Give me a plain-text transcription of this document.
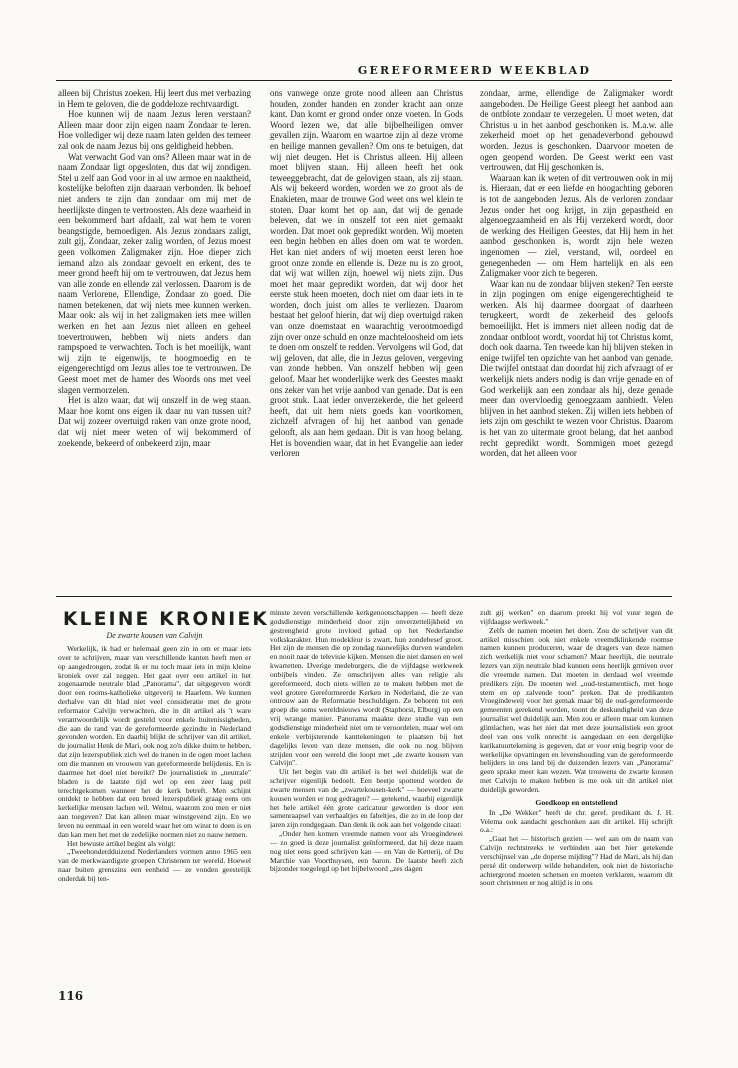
GEREFORMEERD WEEKBLAD

alleen bij Christus zoeken. Hij leert dus met verbazing in Hem te geloven, die de goddeloze rechtvaardigt.

Hoe kunnen wij de naam Jezus leren verstaan? Alleen maar door zijn eigen naam Zondaar te leren. Hoe vollediger wij deze naam laten gelden des temeer zal ook de naam Jezus bij ons geldigheid hebben.

Wat verwacht God van ons? Alleen maar wat in de naam Zondaar ligt opgesloten, dus dat wij zondigen. Stel u zelf aan God voor in al uw armoe en naaktheid, kostelijke beloften zijn daaraan verbonden. Ik behoef niet anders te zijn dan zondaar om mij met de heerlijkste dingen te vertroosten. Als deze waarheid in een bekommerd hart afdaalt, zal wat hem te voren beangstigde, bemoedigen. Als Jezus zondaars zaligt, zult gij, Zondaar, zeker zalig worden, of Jezus moest geen volkomen Zaligmaker zijn. Hoe dieper zich iemand alzo als zondaar gevoelt en erkent, des te meer grond heeft hij om te vertrouwen, dat Jezus hem van alle zonde en ellende zal verlossen. Daarom is de naam Verlorene, Ellendige, Zondaar zo goed. Die namen betekenen, dat wij niets mee kunnen werken. Maar ook: als wij in het zaligmaken iets mee willen werken en het aan Jezus niet alleen en geheel toevertrouwen, hebben wij niets anders dan rampspoed te verwachten. Toch is het moeilijk, want wij zijn te eigenwijs, te hoogmoedig en te eigengerechtigd om Jezus alles toe te vertrouwen. De Geest moet met de hamer des Woords ons met veel slagen vermorzelen.

Het is alzo waar, dat wij onszelf in de weg staan. Maar hoe komt ons eigen ik daar nu van tussen uit? Dat wij zozeer overtuigd raken van onze grote nood, dat wij niet meer weten of wij bekommerd of zoekende, bekeerd of onbekeerd zijn, maar

ons vanwege onze grote nood alleen aan Christus houden, zonder handen en zonder kracht aan onze kant. Dan komt er grond onder onze voeten. In Gods Woord lezen we, dat alle bijbelheiligen omver gevallen zijn. Waarom en waartoe zijn al deze vrome en heilige mannen gevallen? Om ons te betuigen, dat wij niet deugen. Het is Christus alleen. Hij alleen moet blijven staan. Hij alleen heeft het ook teweeggebracht, dat de gelovigen staan, als zij staan. Als wij bekeerd worden, worden we zo groot als de Enakieten, maar de trouwe God weet ons wel klein te stoten. Daar komt het op aan, dat wij de genade beleven, dat we in onszelf tot een niet gemaakt worden. Dat moet ook gepredikt worden. Wij moeten een begin hebben en alles doen om wat te worden. Het kan niet anders of wij moeten eerst leren hoe groot onze zonde en ellende is. Deze nu is zo groot, dat wij wat willen zijn, hoewel wij niets zijn. Dus moet het maar gepredikt worden, dat wij door het eerste stuk heen moeten, doch niet om daar iets in te worden, doch juist om alles te verliezen. Daarom bestaat het geloof hierin, dat wij diep overtuigd raken van onze doemstaat en waarachtig verootmoedigd zijn over onze schuld en onze machteloosheid om iets te doen om onszelf te redden. Vervolgens wil God, dat wij geloven, dat alle, die in Jezus geloven, vergeving van zonde hebben. Van onszelf hebben wij geen geloof. Maar het wonderlijke werk des Geestes maakt ons zeker van het vrije aanbod van genade. Dat is een groot stuk. Laat ieder onverzekerde, die het geleerd heeft, dat uit hem niets goeds kan voortkomen, zichzelf afvragen of hij het aanbod van genade gelooft, als aan hem gedaan. Dit is van hoog belang. Het is bovendien waar, dat in het Evangelie aan ieder verloren

zondaar, arme, ellendige de Zaligmaker wordt aangeboden. De Heilige Geest pleegt het aanbod aan de ontblote zondaar te verzegelen. U moet weten, dat Christus u in het aanbod geschonken is. M.a.w. alle zekerheid moet op het genadeverbond gebouwd worden. Jezus is geschonken. Daarvoor moeten de ogen geopend worden. De Geest werkt een vast vertrouwen, dat Hij geschonken is.

Waaraan kan ik weten of dit vertrouwen ook in mij is. Hieraan, dat er een liefde en hoogachting geboren is tot de aangeboden Jezus. Als de verloren zondaar Jezus onder het oog krijgt, in zijn gepastheid en algenoegzaamheid en als Hij verzekerd wordt, door de werking des Heiligen Geestes, dat Hij hem in het aanbod geschonken is, wordt zijn hele wezen ingenomen — ziel, verstand, wil, oordeel en genegenheden — om Hem hartelijk en als een Zaligmaker voor zich te begeren.

Waar kan nu de zondaar blijven steken? Ten eerste in zijn pogingen om enige eigengerechtigheid te werken. Als hij daarmee doorgaat of daarheen terugkeert, wordt de zekerheid des geloofs bemoeilijkt. Het is immers niet alleen nodig dat de zondaar ontbloot wordt, voordat hij tot Christus komt, doch ook daarna. Ten tweede kan hij blijven steken in enige twijfel ten opzichte van het aanbod van genade. Die twijfel ontstaat dan doordat hij zich afvraagt of er werkelijk niets anders nodig is dan vrije genade en of God werkelijk aan een zondaar als hij, deze genade meer dan overvloedig genoegzaam aanbiedt. Velen blijven in het aanbod steken. Zij willen iets hebben of iets zijn om geschikt te wezen voor Christus. Daarom is het van zo uitermate groot belang, dat het aanbod recht gepredikt wordt. Sommigen moet gezegd worden, dat het alleen voor

KLEINE KRONIEK
De zwarte kousen van Calvijn

Werkelijk, ik had er helemaal geen zin in om er maar iets over te schrijven, maar van verschillende kanten heeft men er op aangedrongen, zodat ik er nu toch maar iets in mijn kleine kroniek over zal zeggen. Het gaat over een artikel in het zogenaamde neutrale blad „Panorama", dat uitgegeven wordt door een rooms-katholieke uitgeverij te Haarlem. We kunnen derhalve van dit blad niet veel consideratie met de grote reformator Calvijn verwachten, die in dit artikel als 't ware verantwoordelijk wordt gesteld voor enkele buitenissigheden, die aan de rand van de gereformeerde gezindte in Nederland gevonden worden. En daarbij blijkt de schrijver van dit artikel, de journalist Henk de Mari, ook nog zo'n dikke duim te hebben, dat zijn lezerspubliek zich wel de tranen in de ogen moet lachen om die mannen en vrouwen van gereformeerde belijdenis. En is daarmee het doel niet bereikt? De journalistiek in „neutrale" bladen is de laatste tijd wel op een zeer laag peil terechtgekomen wanneer het de kerk betreft. Men schijnt ontdekt te hebben dat een breed lezerspubliek graag eens om kerkelijke mensen lachen wil. Welnu, waarom zou men er niet aan toegeven? Dat kan alleen maar winstgevend zijn. En we leven nu eenmaal in een wereld waar het om winst te doen is en dan kan men het met de zedelijke normen niet zo nauw nemen.

Het bewuste artikel begint als volgt:

„Tweehonderdduizend Nederlanders vormen anno 1965 een van de merkwaardigste groepen Christenen ter wereld. Hoewel naar buiten grenszins een eenheid — ze vonden geestelijk onderdak bij ten-

minste zeven verschillende kerkgenootschappen — heeft deze godsdienstige minderheid door zijn onverzettelijkheid en gestrengheid grote invloed gehad op het Nederlandse volkskarakter. Hun modekleur is zwart, hun zondebesef groot. Het zijn de mensen die op zondag nauwelijks durven wandelen en nooit naar de televisie kijken. Mensen die niet dansen en wel kwartetten. IJverige medeburgers, die de vijfdagse werkweek onbijbels vinden. Ze omschrijven alles van religie als gereformeerd, doch niets willen ze te maken hebben met de veel grotere Gereformeerde Kerken in Nederland, die ze van ontrouw aan de Reformatie beschuldigen. Ze behoren tot een groep die soms wereldnieuws wordt (Staphorst, Elburg) op een vrij wrange manier. Panorama maakte deze studie van een godsdienstige minderheid niet om te veroordelen, maar wel om enkele verbijsterende kanttekeningen te plaatsen bij het dagelijks leven van deze mensen, die ook nu nog blijven strijden voor een wereld die loopt met „de zwarte kousen van Calvijn".

Uit het begin van dit artikel is het wel duidelijk wat de schrijver eigenlijk bedoelt. Een beetje spottend worden de zwarte mensen van de „zwartekousen-kerk" — hoeveel zwarte kousen worden er nog gedragen? — getekend, waarbij eigenlijk het hele artikel één grote caricatuur geworden is door een samenraapsel van verhaaltjes en fabeltjes, die zo in de loop der jaren zijn rondgegaan. Dan denk ik ook aan het volgende citaat:

„Onder hen komen vreemde namen voor als Vroegindewei — zo goed is deze journalist geïnformeerd, dat hij deze naam nog niet eens goed schrijven kan — en Van de Ketterij, of Du Marchie van Voorthuysen, een baron. De laatste heeft zich bijzonder toegelegd op het bijbelwoord „zes dagen

zult gij werken" en daarom preekt hij vol vuur tegen de vijfdaagse werkweek."

Zelfs de namen moeten het doen. Zou de schrijver van dit artikel misschien ook niet enkele vreemdklinkende roomse namen kunnen produceren, waar de dragers van deze namen zich werkelijk niet voor schamen? Maar heerlijk, die neutrale lezers van zijn neutrale blad kunnen eens heerlijk grmiven over die vreemde namen. Dat moeten in derdaad wel vreemde predikers zijn. De moeten wel „oud-testamentisch, met hoge stem en op zalvende toon" preken. Dat de predikanten Vroegindeweij voor het gemak maar bij de oud-gereformeerde gemeenten gerekend worden, toont de deskundigheid van deze journalist wel duidelijk aan. Men zou er alleen maar om kunnen glimlachen, was het niet dat met deze journalistiek een groot deel van ons volk onrecht is aangedaan en een dergelijke karikatuurtekening is gegeven, dat er voor enig begrip voor de werkelijke opvattingen en levenshouding van de gereformeerde belijders in ons land bij de duizenden lezers van „Panorama" geen sprake meer kan wezen. Wat trouwens de zwarte kousen met Calvijn te maken hebben is me ook uit dit artikel niet duidelijk geworden.

Goedkoop en ontstellend

In „De Wekker" heeft de chr. geref. predikant ds. J. H. Velema ook aandacht geschonken aan dit artikel. Hij schrijft o.a.:

„Gaat het — historisch gezien — wel aan om de naam van Calvijn rechtstreeks te verbinden aan het hier getekende verschijnsel van „de doperse mijding"? Had de Mari, als hij dan persé dit onderwerp wilde behandelen, ook niet de historische achtergrond moeten schetsen en moeten verklaren, waarom dit soort christenen er nog altijd is in ons

116
